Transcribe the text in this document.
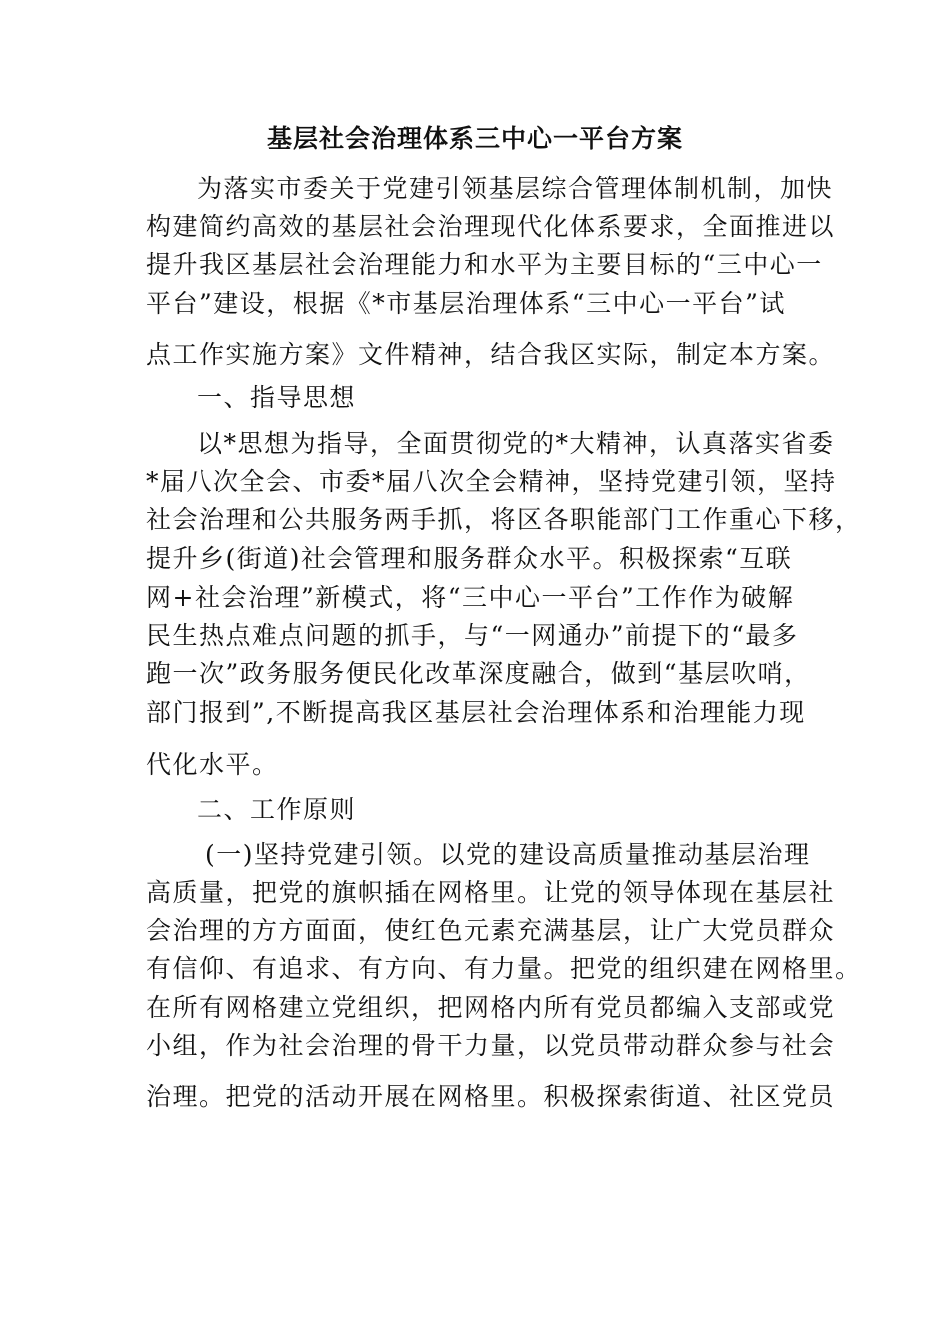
基层社会治理体系三中心一平台方案
为落实市委关于党建引领基层综合管理体制机制，加快
构建简约高效的基层社会治理现代化体系要求，全面推进以
提升我区基层社会治理能力和水平为主要目标的“三中心一
平台”建设，根据《*市基层治理体系“三中心一平台”试
点工作实施方案》文件精神，结合我区实际，制定本方案。
一、指导思想
以*思想为指导，全面贯彻党的*大精神，认真落实省委
*届八次全会、市委*届八次全会精神，坚持党建引领，坚持
社会治理和公共服务两手抓，将区各职能部门工作重心下移，
提升乡(街道)社会管理和服务群众水平。积极探索“互联
网+社会治理”新模式，将“三中心一平台”工作作为破解
民生热点难点问题的抓手，与“一网通办”前提下的“最多
跑一次”政务服务便民化改革深度融合，做到“基层吹哨，
部门报到”,不断提高我区基层社会治理体系和治理能力现
代化水平。
二、工作原则
(一)坚持党建引领。以党的建设高质量推动基层治理
高质量，把党的旗帜插在网格里。让党的领导体现在基层社
会治理的方方面面，使红色元素充满基层，让广大党员群众
有信仰、有追求、有方向、有力量。把党的组织建在网格里。
在所有网格建立党组织，把网格内所有党员都编入支部或党
小组，作为社会治理的骨干力量，以党员带动群众参与社会
治理。把党的活动开展在网格里。积极探索街道、社区党员
